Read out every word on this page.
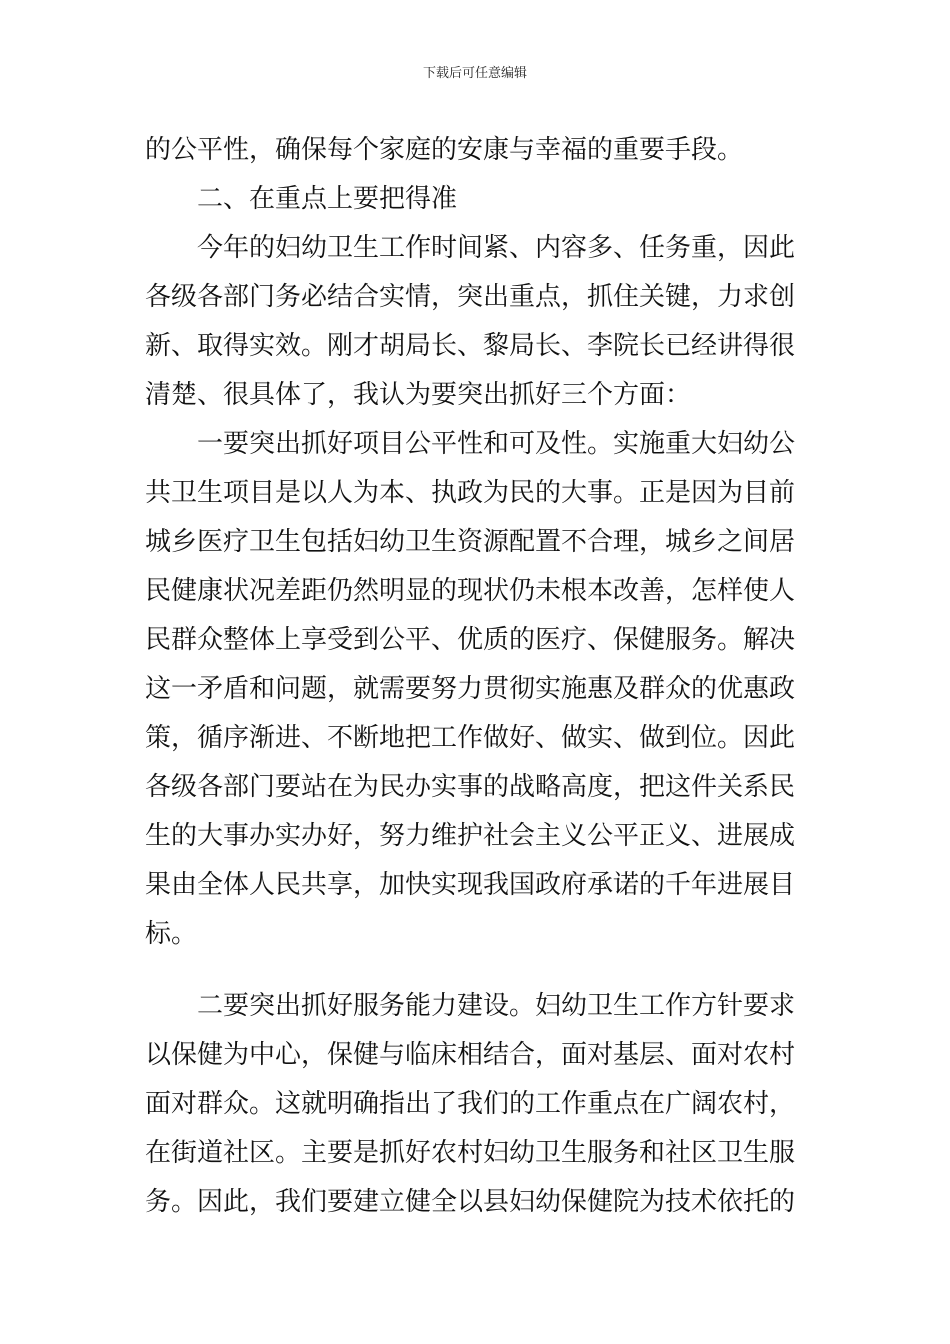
下载后可任意编辑
的公平性，确保每个家庭的安康与幸福的重要手段。
二、在重点上要把得准
今年的妇幼卫生工作时间紧、内容多、任务重，因此
各级各部门务必结合实情，突出重点，抓住关键，力求创
新、取得实效。刚才胡局长、黎局长、李院长已经讲得很
清楚、很具体了，我认为要突出抓好三个方面：
一要突出抓好项目公平性和可及性。实施重大妇幼公
共卫生项目是以人为本、执政为民的大事。正是因为目前
城乡医疗卫生包括妇幼卫生资源配置不合理，城乡之间居
民健康状况差距仍然明显的现状仍未根本改善，怎样使人
民群众整体上享受到公平、优质的医疗、保健服务。解决
这一矛盾和问题，就需要努力贯彻实施惠及群众的优惠政
策，循序渐进、不断地把工作做好、做实、做到位。因此
各级各部门要站在为民办实事的战略高度，把这件关系民
生的大事办实办好，努力维护社会主义公平正义、进展成
果由全体人民共享，加快实现我国政府承诺的千年进展目
标。
二要突出抓好服务能力建设。妇幼卫生工作方针要求
以保健为中心，保健与临床相结合，面对基层、面对农村
面对群众。这就明确指出了我们的工作重点在广阔农村，
在街道社区。主要是抓好农村妇幼卫生服务和社区卫生服
务。因此，我们要建立健全以县妇幼保健院为技术依托的
